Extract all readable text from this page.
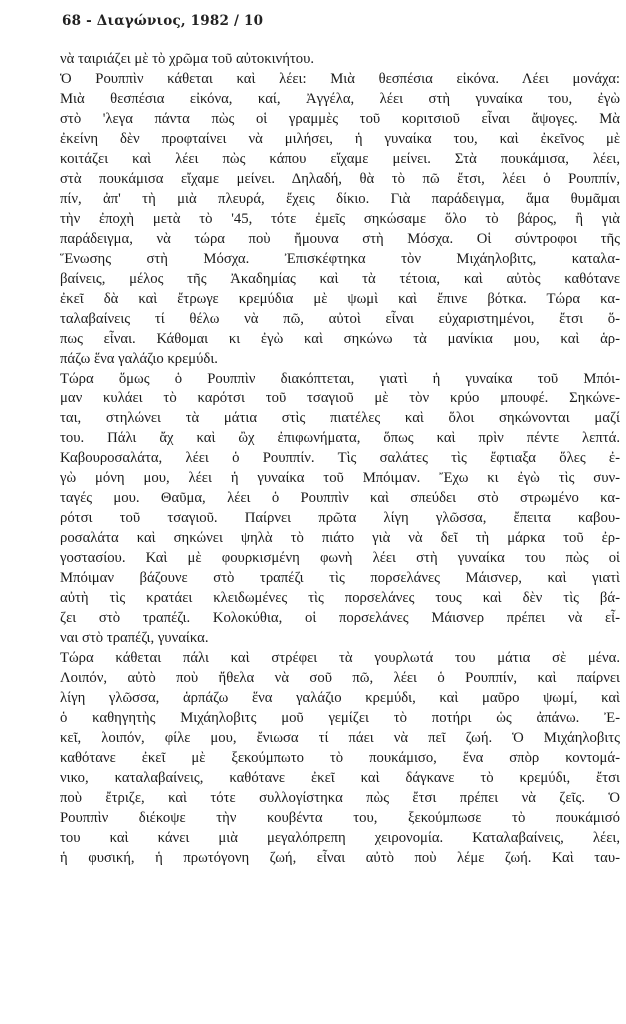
68 - Διαγώνιος, 1982 / 10
νὰ ταιριάζει μὲ τὸ χρῶμα τοῦ αὐτοκινήτου.
Ὁ Ρουππὶν κάθεται καὶ λέει: Μιὰ θεσπέσια εἰκόνα. Λέει μονάχα:
Μιὰ θεσπέσια εἰκόνα, καί, Ἀγγέλα, λέει στὴ γυναίκα του, ἐγὼ
στὸ 'λεγα πάντα πὼς οἱ γραμμὲς τοῦ κοριτσιοῦ εἶναι ἄψογες. Μὰ
ἐκείνη δὲν προφταίνει νὰ μιλήσει, ἡ γυναίκα του, καὶ ἐκεῖνος μὲ
κοιτάζει καὶ λέει πὼς κάπου εἴχαμε μείνει. Στὰ πουκάμισα, λέει,
στὰ πουκάμισα εἴχαμε μείνει. Δηλαδή, θὰ τὸ πῶ ἔτσι, λέει ὁ Ρουππίν,
πίν, ἀπ' τὴ μιὰ πλευρά, ἔχεις δίκιο. Γιὰ παράδειγμα, ἅμα θυμᾶμαι
τὴν ἐποχὴ μετὰ τὸ '45, τότε ἐμεῖς σηκώσαμε ὅλο τὸ βάρος, ἢ γιὰ
παράδειγμα, νὰ τώρα ποὺ ἤμουνα στὴ Μόσχα. Οἱ σύντροφοι τῆς
Ἕνωσης στὴ Μόσχα. Ἐπισκέφτηκα τὸν Μιχάηλοβιτς, καταλα-
βαίνεις, μέλος τῆς Ἀκαδημίας καὶ τὰ τέτοια, καὶ αὐτὸς καθότανε
ἐκεῖ δὰ καὶ ἔτρωγε κρεμύδια μὲ ψωμὶ καὶ ἔπινε βότκα. Τώρα κα-
ταλαβαίνεις τί θέλω νὰ πῶ, αὐτοὶ εἶναι εὐχαριστημένοι, ἔτσι ὅ-
πως εἶναι. Κάθομαι κι ἐγὼ καὶ σηκώνω τὰ μανίκια μου, καὶ ἁρ-
πάζω ἕνα γαλάζιο κρεμύδι.
Τώρα ὅμως ὁ Ρουππὶν διακόπτεται, γιατὶ ἡ γυναίκα τοῦ Μπόι-
μαν κυλάει τὸ καρότσι τοῦ τσαγιοῦ μὲ τὸν κρύο μπουφέ. Σηκώνε-
ται, στηλώνει τὰ μάτια στὶς πιατέλες καὶ ὅλοι σηκώνονται μαζί
του. Πάλι ἄχ καὶ ὢχ ἐπιφωνήματα, ὅπως καὶ πρὶν πέντε λεπτά.
Καβουροσαλάτα, λέει ὁ Ρουππίν. Τὶς σαλάτες τὶς ἔφτιαξα ὅλες ἐ-
γὼ μόνη μου, λέει ἡ γυναίκα τοῦ Μπόιμαν. Ἔχω κι ἐγὼ τὶς συν-
ταγές μου. Θαῦμα, λέει ὁ Ρουππὶν καὶ σπεύδει στὸ στρωμένο κα-
ρότσι τοῦ τσαγιοῦ. Παίρνει πρῶτα λίγη γλῶσσα, ἔπειτα καβου-
ροσαλάτα καὶ σηκώνει ψηλὰ τὸ πιάτο γιὰ νὰ δεῖ τὴ μάρκα τοῦ ἐρ-
γοστασίου. Καὶ μὲ φουρκισμένη φωνὴ λέει στὴ γυναίκα του πὼς οἱ
Μπόιμαν βάζουνε στὸ τραπέζι τὶς πορσελάνες Μάισνερ, καὶ γιατὶ
αὐτὴ τὶς κρατάει κλειδωμένες τὶς πορσελάνες τους καὶ δὲν τὶς βά-
ζει στὸ τραπέζι. Κολοκύθια, οἱ πορσελάνες Μάισνερ πρέπει νὰ εἶ-
ναι στὸ τραπέζι, γυναίκα.
Τώρα κάθεται πάλι καὶ στρέφει τὰ γουρλωτά του μάτια σὲ μένα.
Λοιπόν, αὐτὸ ποὺ ἤθελα νὰ σοῦ πῶ, λέει ὁ Ρουππίν, καὶ παίρνει
λίγη γλῶσσα, ἁρπάζω ἕνα γαλάζιο κρεμύδι, καὶ μαῦρο ψωμί, καὶ
ὁ καθηγητὴς Μιχάηλοβιτς μοῦ γεμίζει τὸ ποτήρι ὡς ἀπάνω. Ἐ-
κεῖ, λοιπόν, φίλε μου, ἔνιωσα τί πάει νὰ πεῖ ζωή. Ὁ Μιχάηλοβιτς
καθότανε ἐκεῖ μὲ ξεκούμπωτο τὸ πουκάμισο, ἕνα σπὸρ κοντομά-
νικο, καταλαβαίνεις, καθότανε ἐκεῖ καὶ δάγκανε τὸ κρεμύδι, ἔτσι
ποὺ ἔτριζε, καὶ τότε συλλογίστηκα πὼς ἔτσι πρέπει νὰ ζεῖς. Ὁ
Ρουππὶν διέκοψε τὴν κουβέντα του, ξεκούμπωσε τὸ πουκάμισό
του καὶ κάνει μιὰ μεγαλόπρεπη χειρονομία. Καταλαβαίνεις, λέει,
ἡ φυσική, ἡ πρωτόγονη ζωή, εἶναι αὐτὸ ποὺ λέμε ζωή. Καὶ ταυ-
